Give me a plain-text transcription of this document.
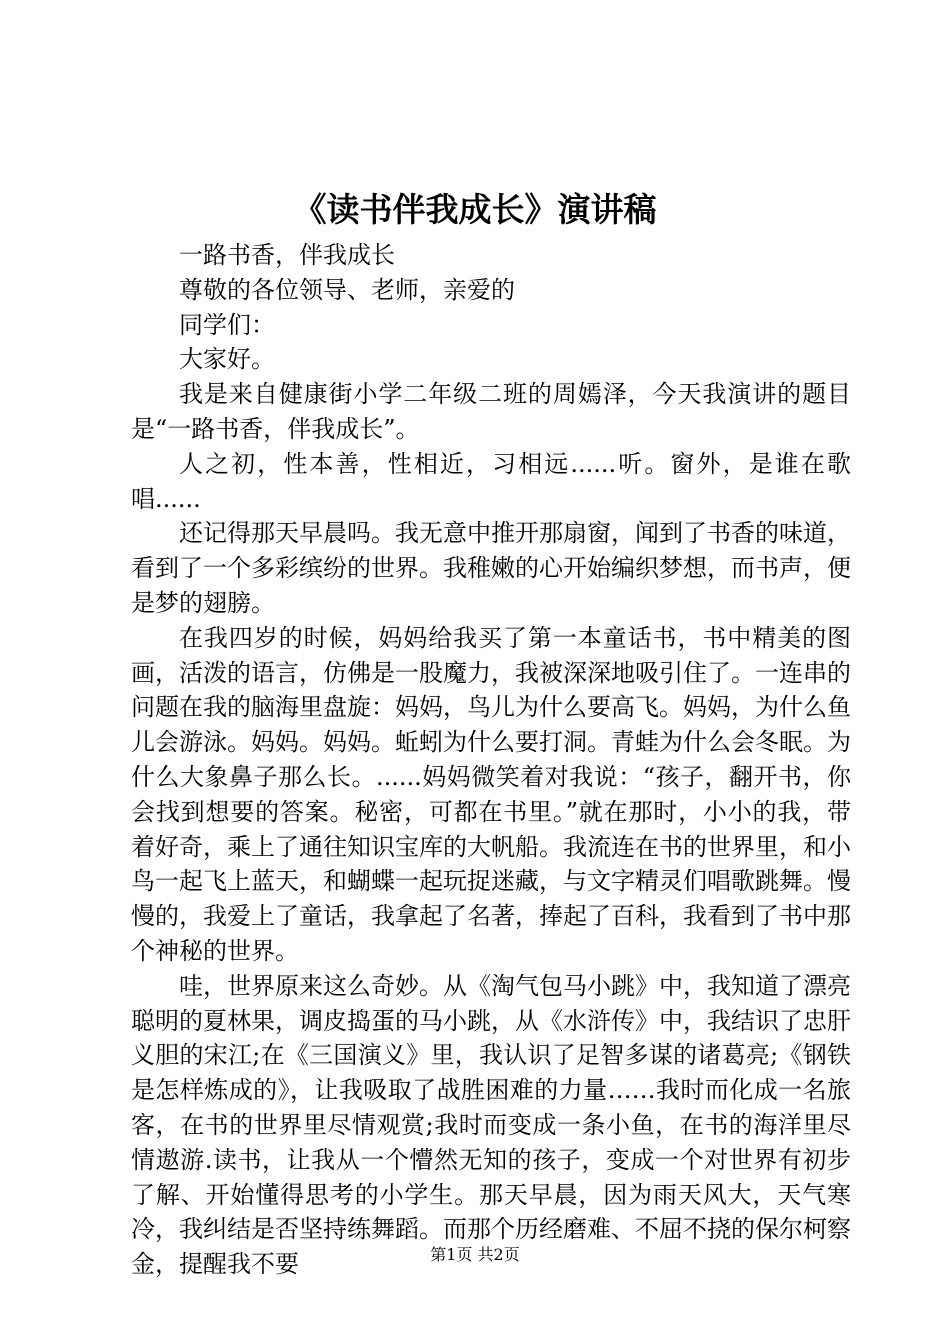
《读书伴我成长》演讲稿

一路书香，伴我成长

尊敬的各位领导、老师，亲爱的

同学们：

大家好。

我是来自健康街小学二年级二班的周嫣泽，今天我演讲的题目是“一路书香，伴我成长”。

人之初，性本善，性相近，习相远......听。窗外，是谁在歌唱......

还记得那天早晨吗。我无意中推开那扇窗，闻到了书香的味道，看到了一个多彩缤纷的世界。我稚嫩的心开始编织梦想，而书声，便是梦的翅膀。

在我四岁的时候，妈妈给我买了第一本童话书，书中精美的图画，活泼的语言，仿佛是一股魔力，我被深深地吸引住了。一连串的问题在我的脑海里盘旋：妈妈，鸟儿为什么要高飞。妈妈，为什么鱼儿会游泳。妈妈。妈妈。蚯蚓为什么要打洞。青蛙为什么会冬眠。为什么大象鼻子那么长。......妈妈微笑着对我说：“孩子，翻开书，你会找到想要的答案。秘密，可都在书里。”就在那时，小小的我，带着好奇，乘上了通往知识宝库的大帆船。我流连在书的世界里，和小鸟一起飞上蓝天，和蝴蝶一起玩捉迷藏，与文字精灵们唱歌跳舞。慢慢的，我爱上了童话，我拿起了名著，捧起了百科，我看到了书中那个神秘的世界。

哇，世界原来这么奇妙。从《淘气包马小跳》中，我知道了漂亮聪明的夏林果，调皮捣蛋的马小跳，从《水浒传》中，我结识了忠肝义胆的宋江;在《三国演义》里，我认识了足智多谋的诸葛亮;《钢铁是怎样炼成的》，让我吸取了战胜困难的力量……我时而化成一名旅客，在书的世界里尽情观赏;我时而变成一条小鱼，在书的海洋里尽情遨游.读书，让我从一个懵然无知的孩子，变成一个对世界有初步了解、开始懂得思考的小学生。那天早晨，因为雨天风大，天气寒冷，我纠结是否坚持练舞蹈。而那个历经磨难、不屈不挠的保尔柯察金，提醒我不要	第1页 共2页
